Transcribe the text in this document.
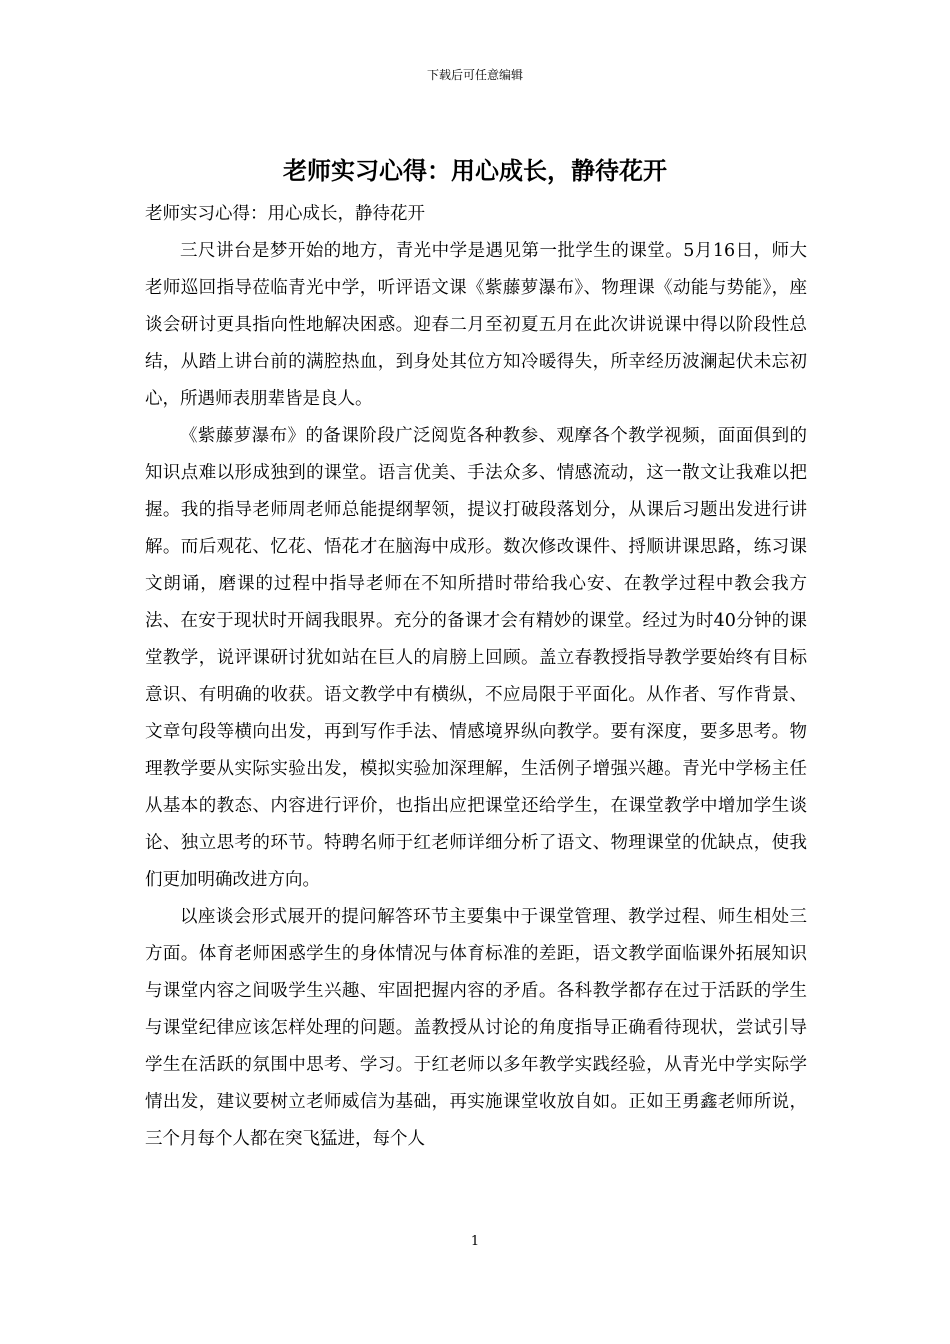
下载后可任意编辑
老师实习心得：用心成长，静待花开

老师实习心得：用心成长，静待花开

三尺讲台是梦开始的地方，青光中学是遇见第一批学生的课堂。5月16日，师大老师巡回指导莅临青光中学，听评语文课《紫藤萝瀑布》、物理课《动能与势能》，座谈会研讨更具指向性地解决困惑。迎春二月至初夏五月在此次讲说课中得以阶段性总结，从踏上讲台前的满腔热血，到身处其位方知冷暖得失，所幸经历波澜起伏未忘初心，所遇师表朋辈皆是良人。

《紫藤萝瀑布》的备课阶段广泛阅览各种教参、观摩各个教学视频，面面俱到的知识点难以形成独到的课堂。语言优美、手法众多、情感流动，这一散文让我难以把握。我的指导老师周老师总能提纲挈领，提议打破段落划分，从课后习题出发进行讲解。而后观花、忆花、悟花才在脑海中成形。数次修改课件、捋顺讲课思路，练习课文朗诵，磨课的过程中指导老师在不知所措时带给我心安、在教学过程中教会我方法、在安于现状时开阔我眼界。充分的备课才会有精妙的课堂。经过为时40分钟的课堂教学，说评课研讨犹如站在巨人的肩膀上回顾。盖立春教授指导教学要始终有目标意识、有明确的收获。语文教学中有横纵，不应局限于平面化。从作者、写作背景、文章句段等横向出发，再到写作手法、情感境界纵向教学。要有深度，要多思考。物理教学要从实际实验出发，模拟实验加深理解，生活例子增强兴趣。青光中学杨主任从基本的教态、内容进行评价，也指出应把课堂还给学生，在课堂教学中增加学生谈论、独立思考的环节。特聘名师于红老师详细分析了语文、物理课堂的优缺点，使我们更加明确改进方向。

以座谈会形式展开的提问解答环节主要集中于课堂管理、教学过程、师生相处三方面。体育老师困惑学生的身体情况与体育标准的差距，语文教学面临课外拓展知识与课堂内容之间吸学生兴趣、牢固把握内容的矛盾。各科教学都存在过于活跃的学生与课堂纪律应该怎样处理的问题。盖教授从讨论的角度指导正确看待现状，尝试引导学生在活跃的氛围中思考、学习。于红老师以多年教学实践经验，从青光中学实际学情出发，建议要树立老师威信为基础，再实施课堂收放自如。正如王勇鑫老师所说，三个月每个人都在突飞猛进，每个人

1
